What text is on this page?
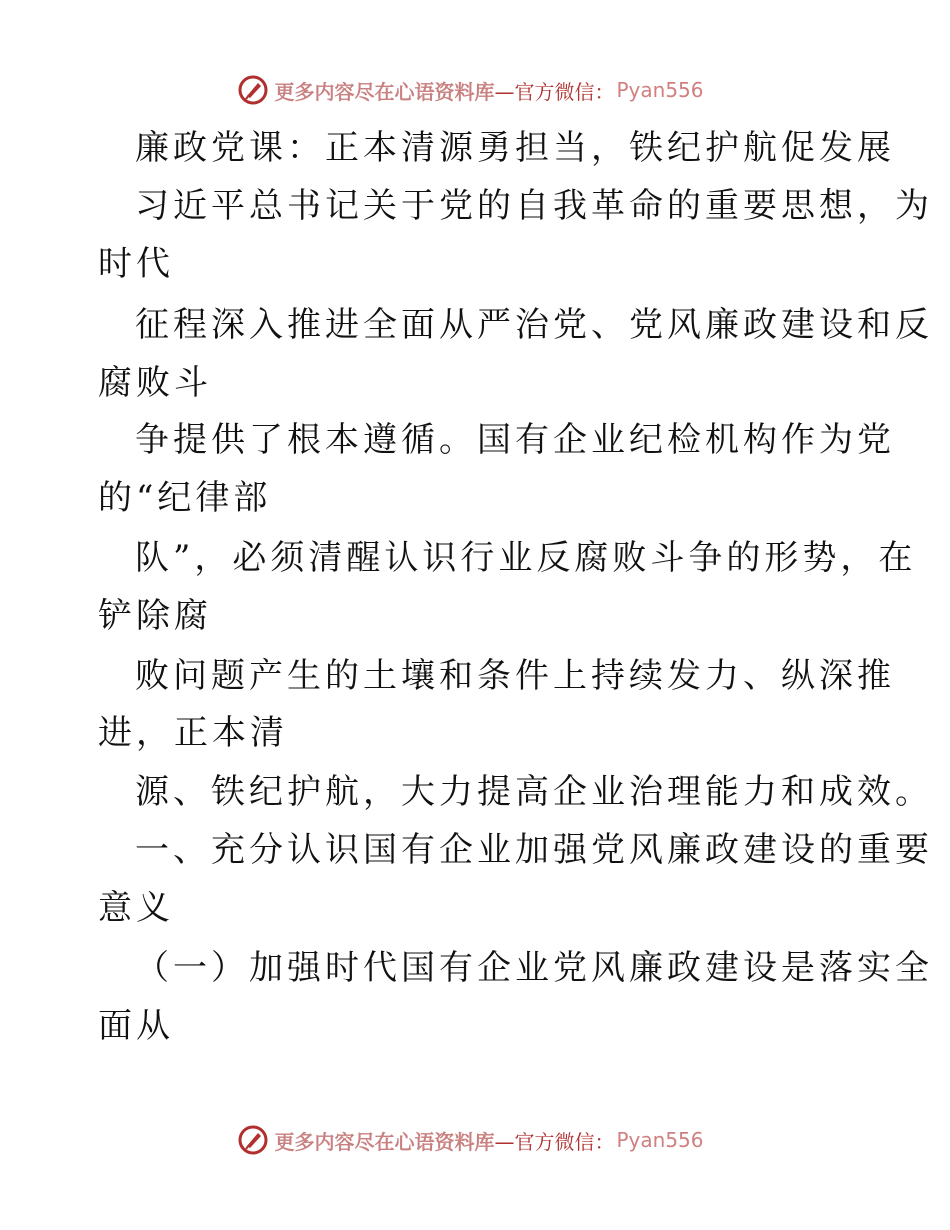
更多内容尽在心语资料库 —官方微信： Pyan556
廉政党课：正本清源勇担当，铁纪护航促发展
习近平总书记关于党的自我革命的重要思想，为
时代
征程深入推进全面从严治党、党风廉政建设和反
腐败斗
争提供了根本遵循。国有企业纪检机构作为党
的“纪律部
队”，必须清醒认识行业反腐败斗争的形势，在
铲除腐
败问题产生的土壤和条件上持续发力、纵深推
进，正本清
源、铁纪护航，大力提高企业治理能力和成效。
一、充分认识国有企业加强党风廉政建设的重要
意义
（一）加强时代国有企业党风廉政建设是落实全
面从
更多内容尽在心语资料库 —官方微信： Pyan556
